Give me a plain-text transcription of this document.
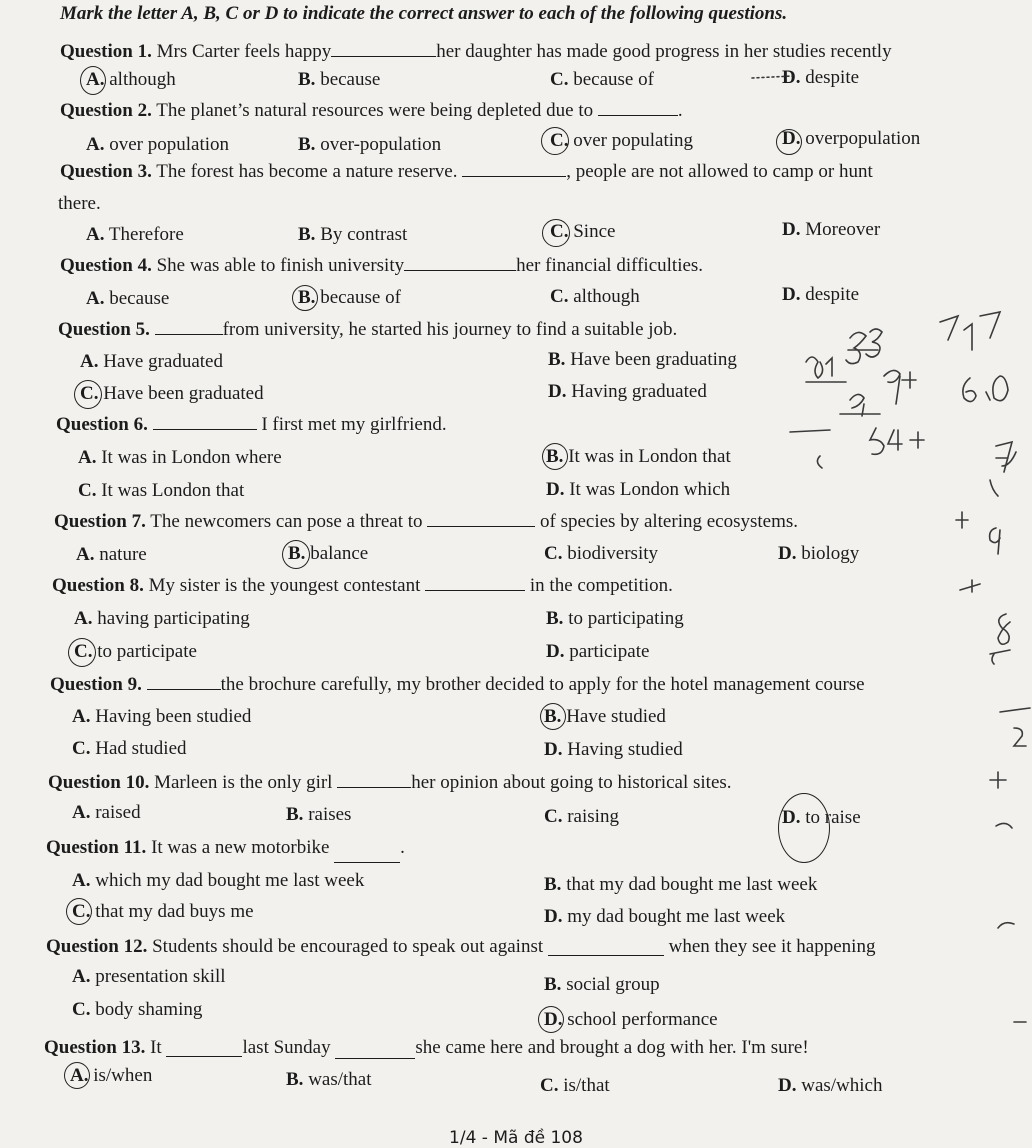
Mark the letter A, B, C or D to indicate the correct answer to each of the following questions.
Question 1. Mrs Carter feels happy	her daughter has made good progress in her studies recently
A. although	B. because	C. because of	D. despite
Question 2. The planet’s natural resources were being depleted due to	.
A. over population	B. over-population	C. over populating	D. overpopulation
Question 3. The forest has become a nature reserve.	, people are not allowed to camp or hunt
there.
A. Therefore	B. By contrast	C. Since	D. Moreover
Question 4. She was able to finish university	her financial difficulties.
A. because	B. because of	C. although	D. despite
Question 5.	from university, he started his journey to find a suitable job.
A. Have graduated	B. Have been graduating
C. Have been graduated	D. Having graduated
Question 6.	I first met my girlfriend.
A. It was in London where	B. It was in London that
C. It was London that	D. It was London which
Question 7. The newcomers can pose a threat to	of species by altering ecosystems.
A. nature	B. balance	C. biodiversity	D. biology
Question 8. My sister is the youngest contestant	in the competition.
A. having participating	B. to participating
C. to participate	D. participate
Question 9.	the brochure carefully, my brother decided to apply for the hotel management course
A. Having been studied	B. Have studied
C. Had studied	D. Having studied
Question 10. Marleen is the only girl	her opinion about going to historical sites.
A. raised	B. raises	C. raising	D. to raise
Question 11. It was a new motorbike	.
A. which my dad bought me last week	B. that my dad bought me last week
C. that my dad buys me	D. my dad bought me last week
Question 12. Students should be encouraged to speak out against	when they see it happening
A. presentation skill	B. social group
C. body shaming	D. school performance
Question 13. It	last Sunday	she came here and brought a dog with her. I'm sure!
A. is/when	B. was/that	C. is/that	D. was/which
1/4 - Mã đề 108
